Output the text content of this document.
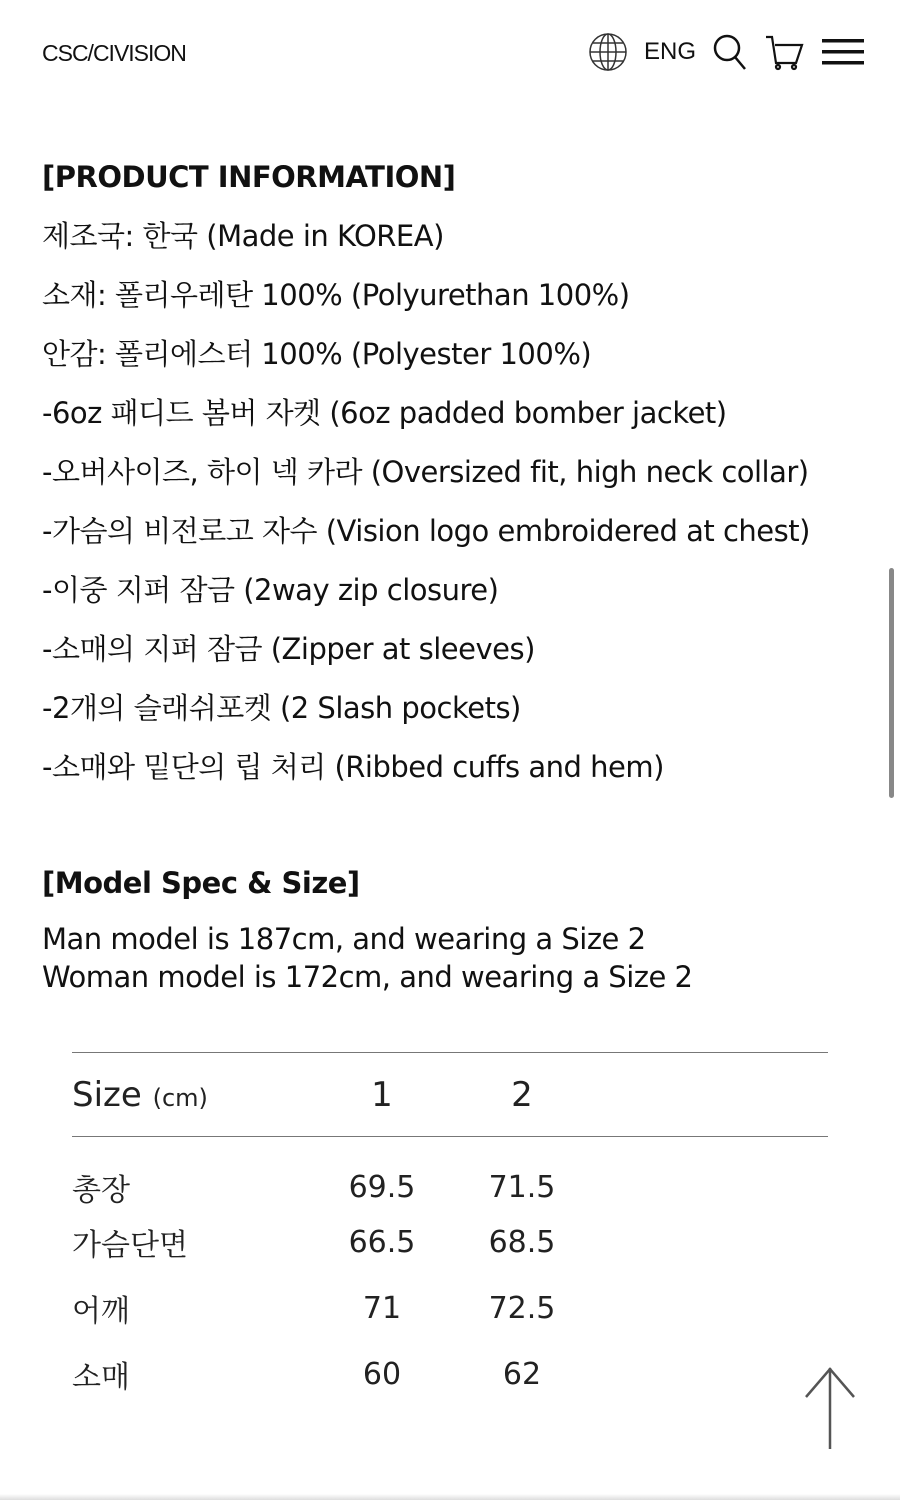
CSC/CIVISION	ENG
[PRODUCT INFORMATION]
제조국: 한국 (Made in KOREA)
소재: 폴리우레탄 100% (Polyurethan 100%)
안감: 폴리에스터 100% (Polyester 100%)
-6oz 패디드 봄버 자켓 (6oz padded bomber jacket)
-오버사이즈, 하이 넥 카라 (Oversized fit, high neck collar)
-가슴의 비전로고 자수 (Vision logo embroidered at chest)
-이중 지퍼 잠금 (2way zip closure)
-소매의 지퍼 잠금 (Zipper at sleeves)
-2개의 슬래쉬포켓 (2 Slash pockets)
-소매와 밑단의 립 처리 (Ribbed cuffs and hem)
[Model Spec & Size]
Man model is 187cm, and wearing a Size 2
Woman model is 172cm, and wearing a Size 2
Size (cm)	1	2	
총장	69.5	71.5	
가슴단면	66.5	68.5	
어깨	71	72.5	
소매	60	62	
